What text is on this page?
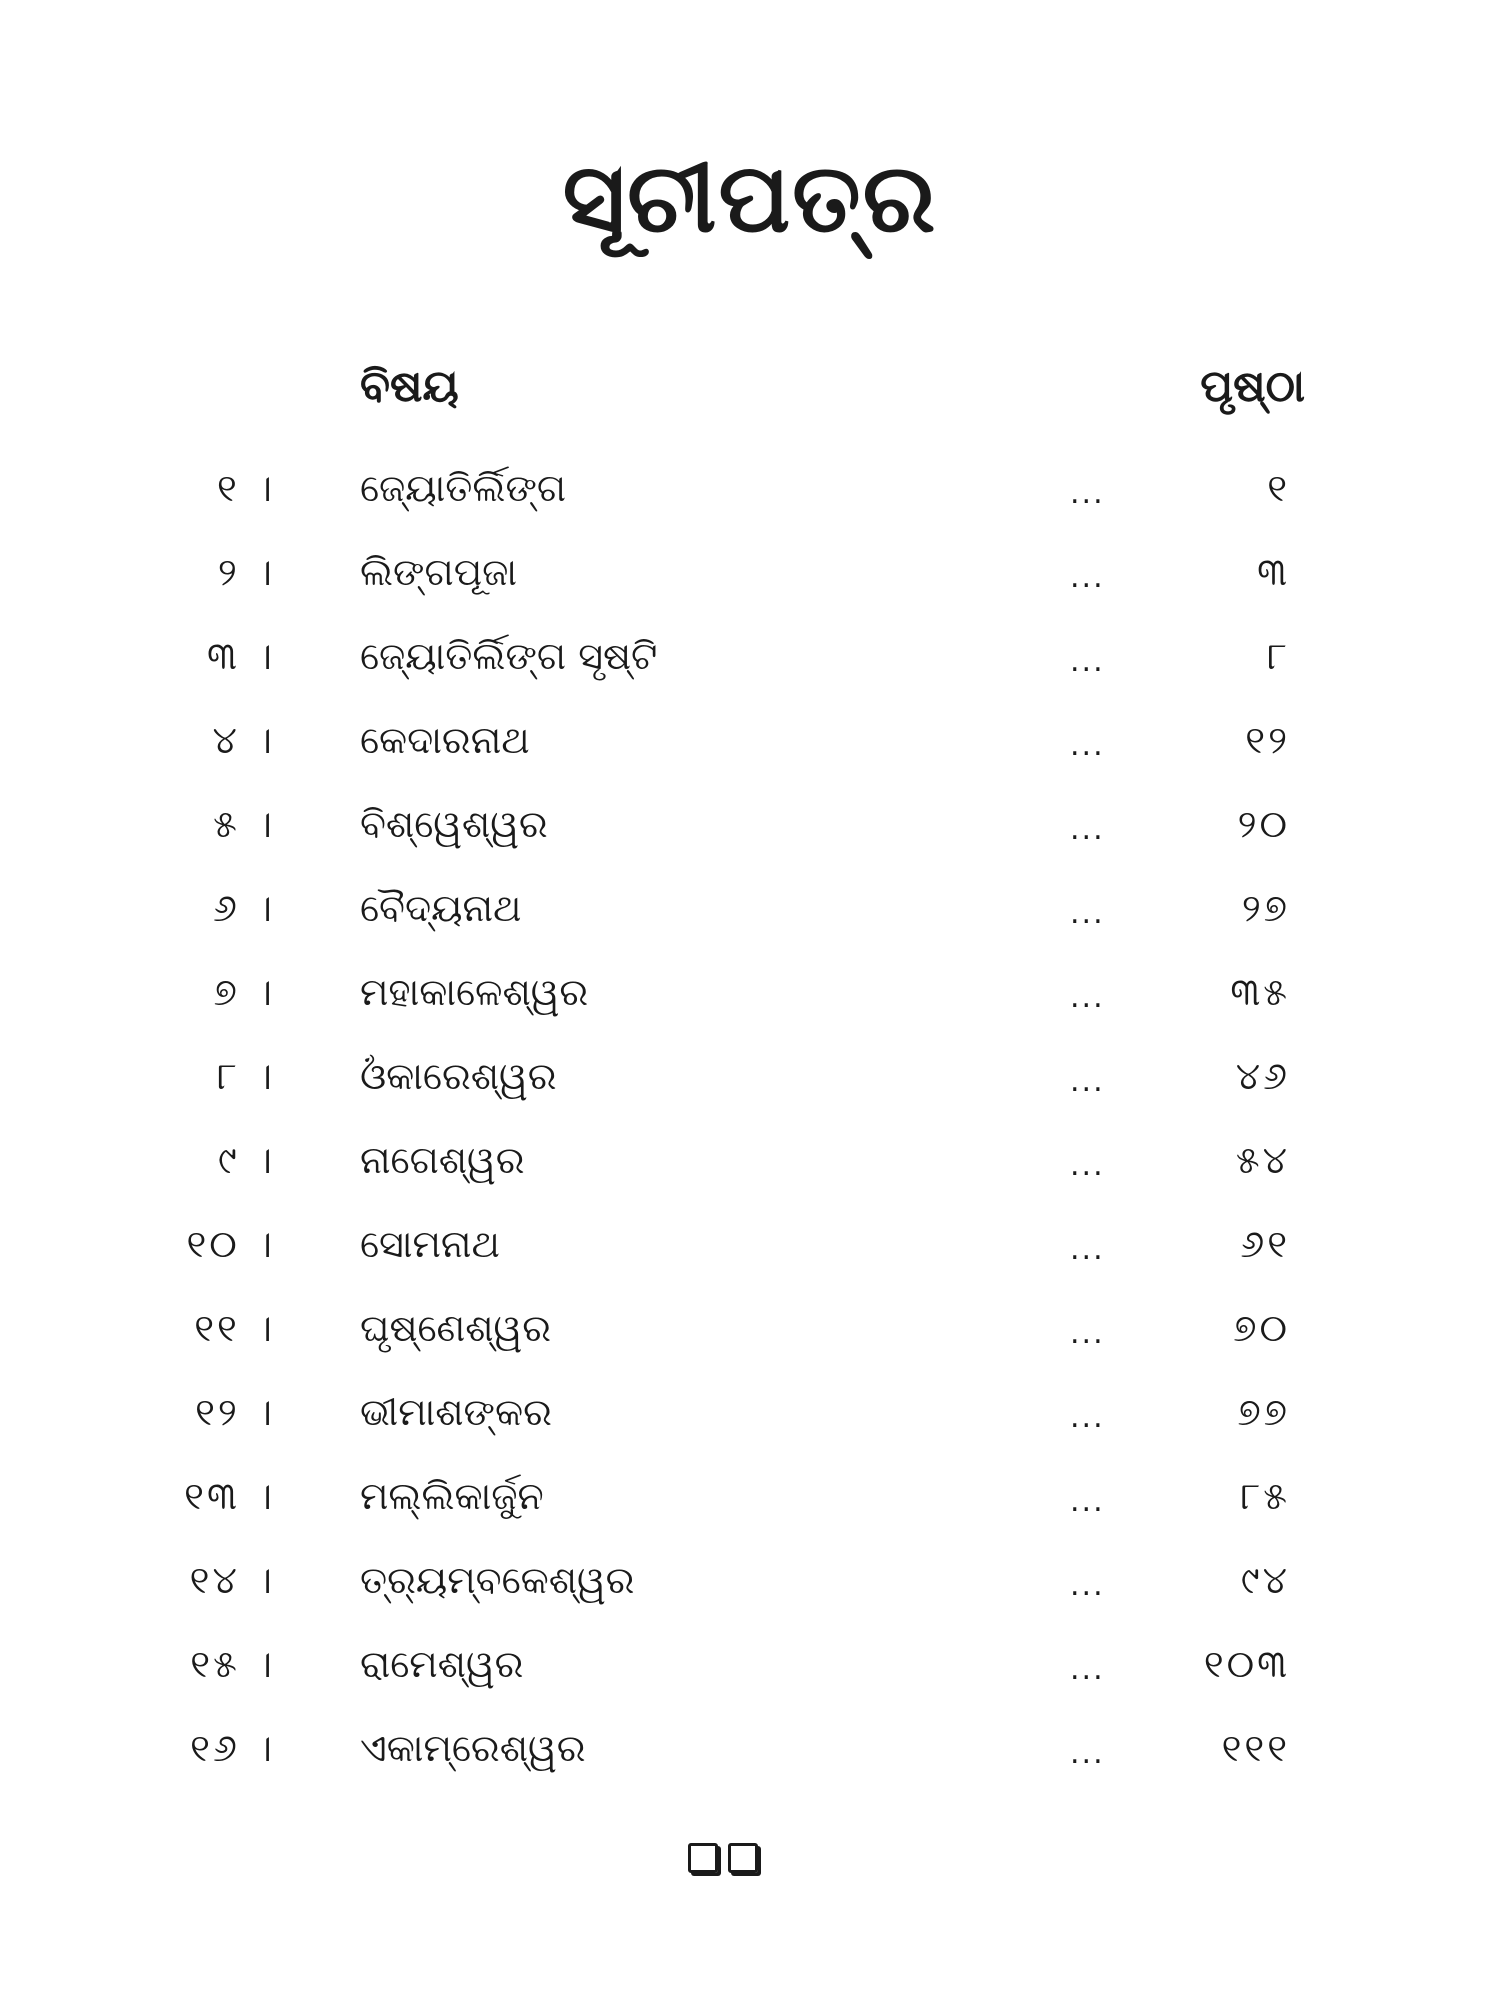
ସୂଚୀପତ୍ର
ବିଷୟ	ପୃଷ୍ଠା
୧ । ଜ୍ୟୋତିର୍ଲିଙ୍ଗ	...	୧
୨ । ଲିଙ୍ଗପୂଜା	...	୩
୩ । ଜ୍ୟୋତିର୍ଲିଙ୍ଗ ସୃଷ୍ଟି	...	୮
୪ । କେଦାରନାଥ	...	୧୨
୫ । ବିଶ୍ୱେଶ୍ୱର	...	୨୦
୬ । ବୈଦ୍ୟନାଥ	...	୨୭
୭ । ମହାକାଳେଶ୍ୱର	...	୩୫
୮ । ଓଁକାରେଶ୍ୱର	...	୪୬
୯ । ନାଗେଶ୍ୱର	...	୫୪
୧୦ । ସୋମନାଥ	...	୬୧
୧୧ । ଘୃଷ୍ଣେଶ୍ୱର	...	୭୦
୧୨ । ଭୀମାଶଙ୍କର	...	୭୭
୧୩ । ମଲ୍ଲିକାର୍ଜୁନ	...	୮୫
୧୪ । ତ୍ର୍ୟମ୍ବକେଶ୍ୱର	...	୯୪
୧୫ । ରାମେଶ୍ୱର	...	୧୦୩
୧୬ । ଏକାମ୍ରେଶ୍ୱର	...	୧୧୧
